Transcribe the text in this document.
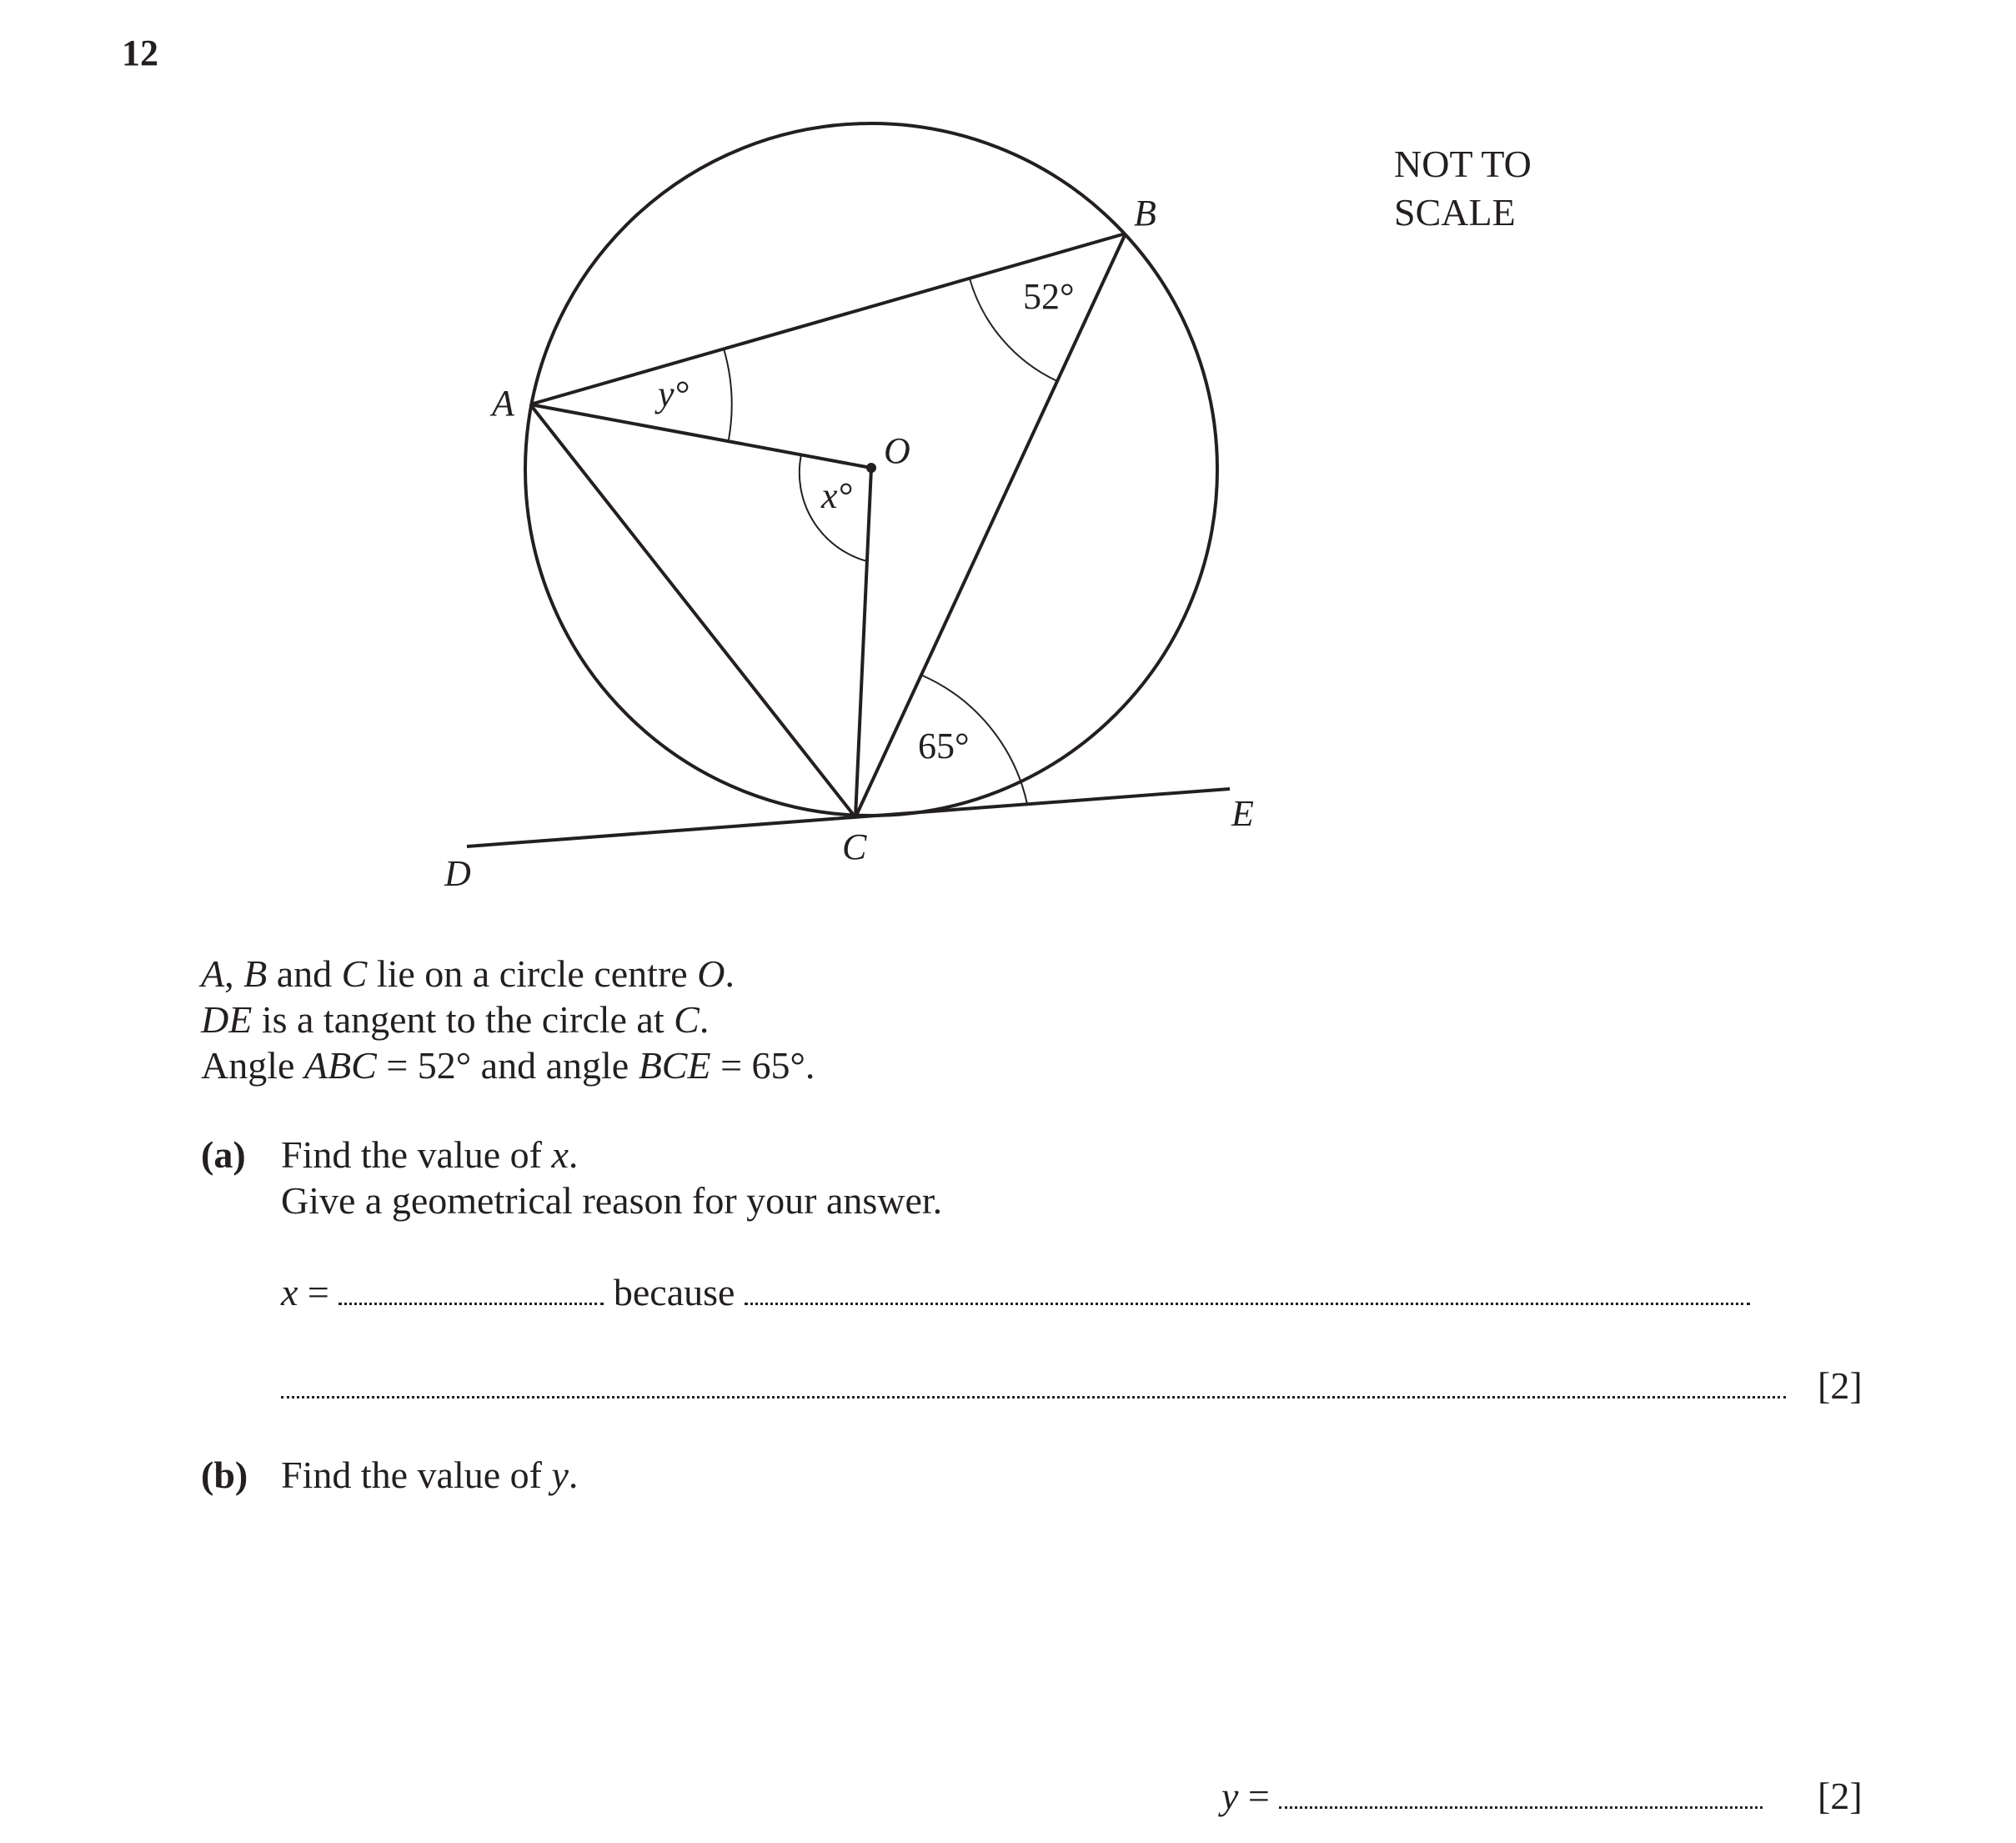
12
A
B
C
D
E
O
52°
65°
x°
y°
NOT TO
SCALE
A, B and C lie on a circle centre O.
DE is a tangent to the circle at C.
Angle ABC = 52° and angle BCE = 65°.
(a) Find the value of x.
Give a geometrical reason for your answer.
x =	because
[2]
(b) Find the value of y.
y =	[2]
